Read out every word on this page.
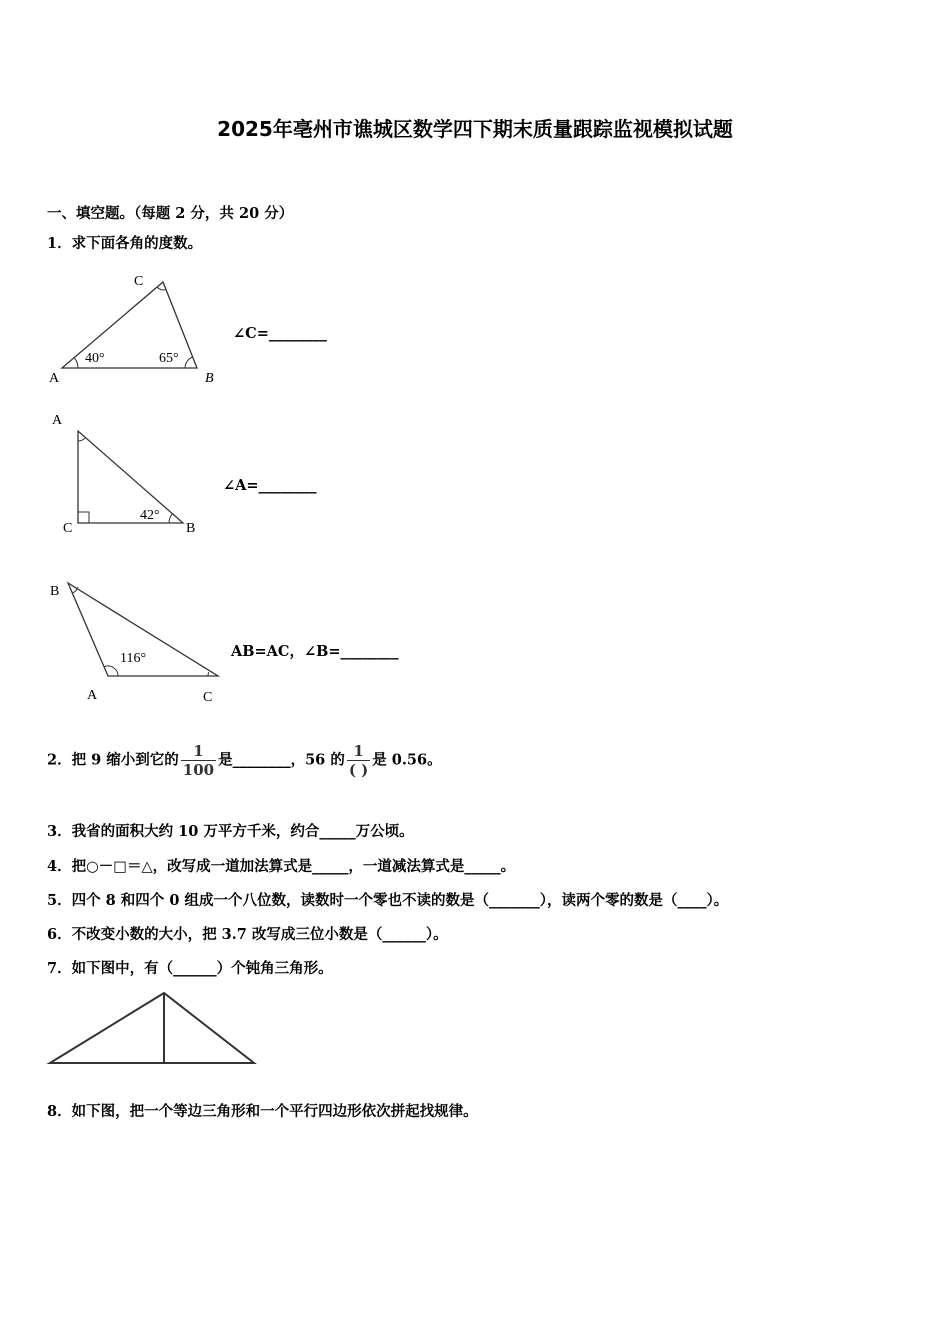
2025年亳州市谯城区数学四下期末质量跟踪监视模拟试题
一、填空题。（每题 2 分，共 20 分）
1．求下面各角的度数。
A	B
C
40°	65°
∠C=________
A
C	B
42°
∠A=________
B
A	C
116°	AB=AC，∠B=________
2．把 9 缩小到它的 $\frac{1}{100}$ 是________，56 的 $\frac{1}{( )}$ 是 0.56。
3．我省的面积大约 10 万平方千米，约合_____万公顷。
4．把○－□＝△，改写成一道加法算式是_____，一道减法算式是_____。
5．四个 8 和四个 0 组成一个八位数，读数时一个零也不读的数是（_______），读两个零的数是（____）。
6．不改变小数的大小，把 3.7 改写成三位小数是（______）。
7．如下图中，有（______）个钝角三角形。
8．如下图，把一个等边三角形和一个平行四边形依次拼起找规律。
